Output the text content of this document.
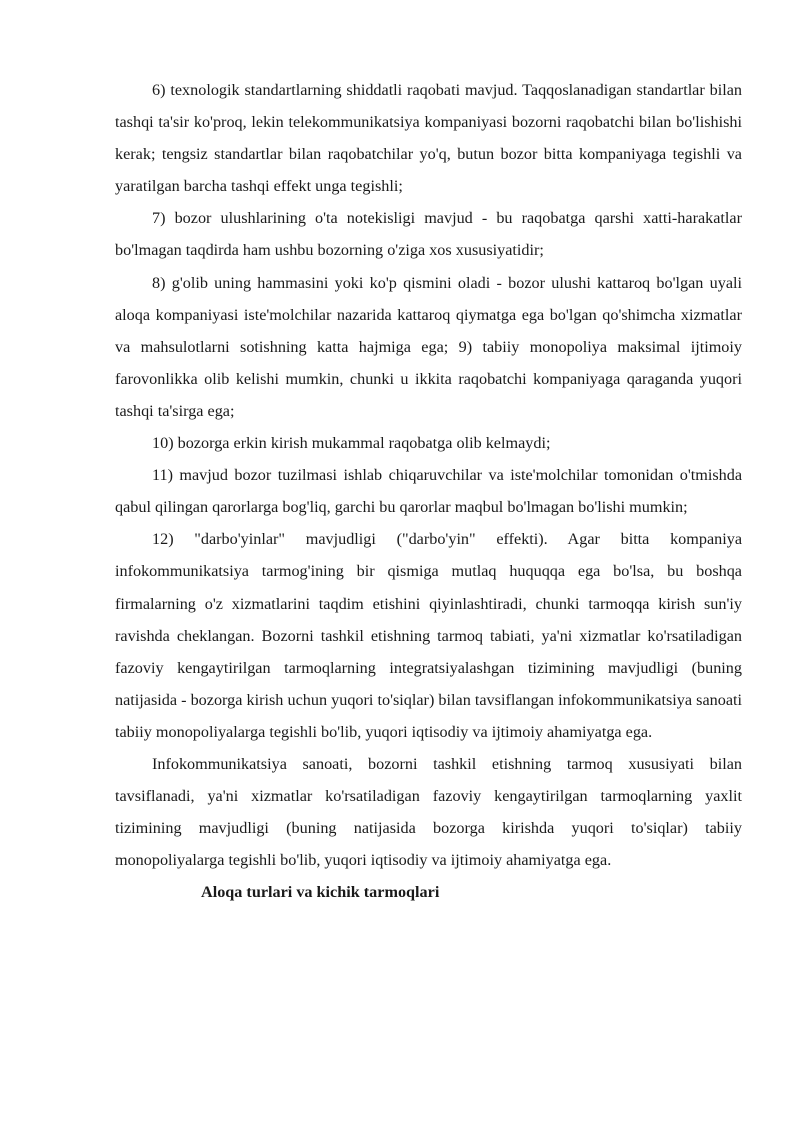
6) texnologik standartlarning shiddatli raqobati mavjud. Taqqoslanadigan standartlar bilan tashqi ta'sir ko'proq, lekin telekommunikatsiya kompaniyasi bozorni raqobatchi bilan bo'lishishi kerak; tengsiz standartlar bilan raqobatchilar yo'q, butun bozor bitta kompaniyaga tegishli va yaratilgan barcha tashqi effekt unga tegishli;

7) bozor ulushlarining o'ta notekisligi mavjud - bu raqobatga qarshi xatti-harakatlar bo'lmagan taqdirda ham ushbu bozorning o'ziga xos xususiyatidir;

8) g'olib uning hammasini yoki ko'p qismini oladi - bozor ulushi kattaroq bo'lgan uyali aloqa kompaniyasi iste'molchilar nazarida kattaroq qiymatga ega bo'lgan qo'shimcha xizmatlar va mahsulotlarni sotishning katta hajmiga ega; 9) tabiiy monopoliya maksimal ijtimoiy farovonlikka olib kelishi mumkin, chunki u ikkita raqobatchi kompaniyaga qaraganda yuqori tashqi ta'sirga ega;

10) bozorga erkin kirish mukammal raqobatga olib kelmaydi;

11) mavjud bozor tuzilmasi ishlab chiqaruvchilar va iste'molchilar tomonidan o'tmishda qabul qilingan qarorlarga bog'liq, garchi bu qarorlar maqbul bo'lmagan bo'lishi mumkin;

12) "darbo'yinlar" mavjudligi ("darbo'yin" effekti). Agar bitta kompaniya infokommunikatsiya tarmog'ining bir qismiga mutlaq huquqqa ega bo'lsa, bu boshqa firmalarning o'z xizmatlarini taqdim etishini qiyinlashtiradi, chunki tarmoqqa kirish sun'iy ravishda cheklangan. Bozorni tashkil etishning tarmoq tabiati, ya'ni xizmatlar ko'rsatiladigan fazoviy kengaytirilgan tarmoqlarning integratsiyalashgan tizimining mavjudligi (buning natijasida - bozorga kirish uchun yuqori to'siqlar) bilan tavsiflangan infokommunikatsiya sanoati tabiiy monopoliyalarga tegishli bo'lib, yuqori iqtisodiy va ijtimoiy ahamiyatga ega.

Infokommunikatsiya sanoati, bozorni tashkil etishning tarmoq xususiyati bilan tavsiflanadi, ya'ni xizmatlar ko'rsatiladigan fazoviy kengaytirilgan tarmoqlarning yaxlit tizimining mavjudligi (buning natijasida bozorga kirishda yuqori to'siqlar) tabiiy monopoliyalarga tegishli bo'lib, yuqori iqtisodiy va ijtimoiy ahamiyatga ega.

Aloqa turlari va kichik tarmoqlari
